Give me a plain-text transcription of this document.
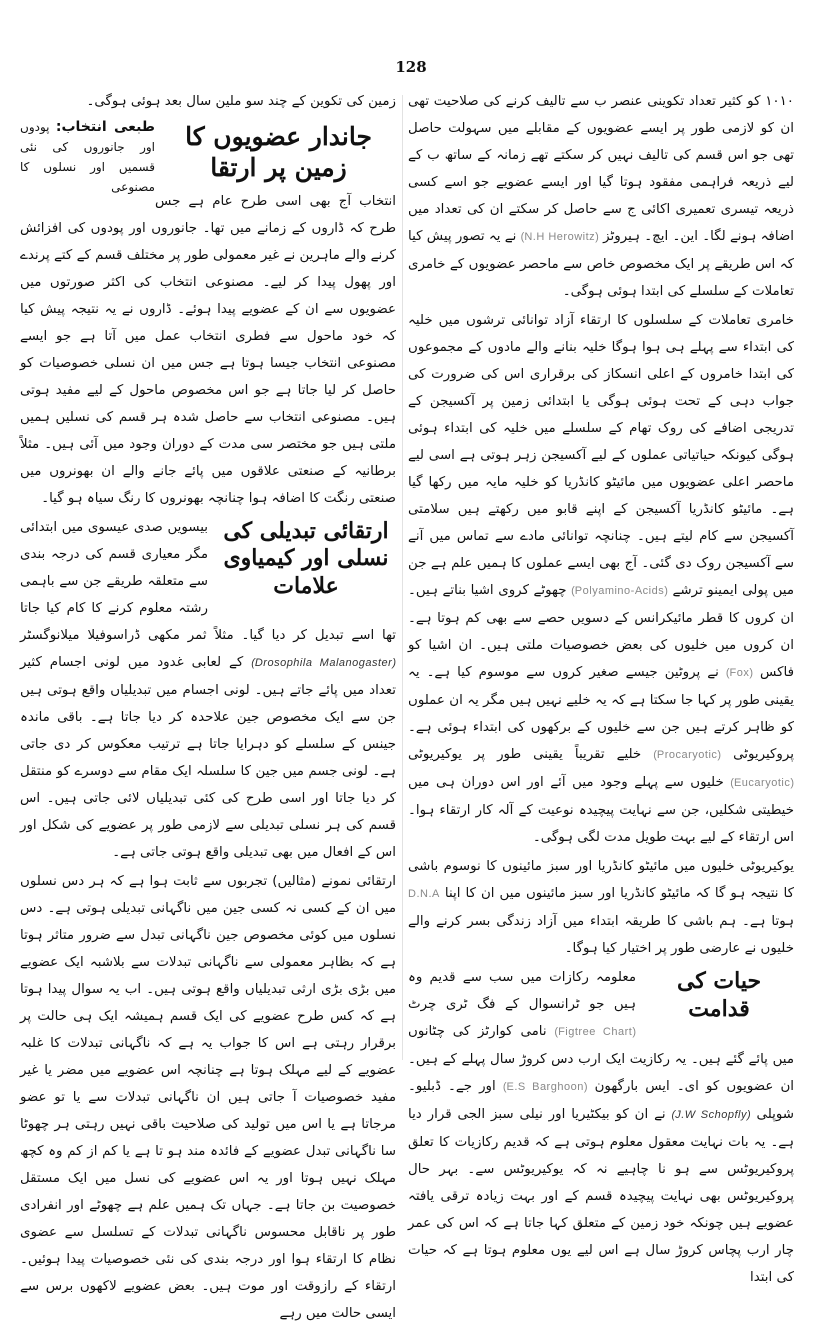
128

۱۰۱۰ کو کثیر تعداد تکوینی عنصر ب سے تالیف کرنے کی صلاحیت تھی ان کو لازمی طور پر ایسے عضویوں کے مقابلے میں سہولت حاصل تھی جو اس قسم کی تالیف نہیں کر سکتے تھے زمانہ کے ساتھ ب کے لیے ذریعہ فراہمی مفقود ہوتا گیا اور ایسے عضویے جو اسے کسی ذریعہ تیسری تعمیری اکائی ج سے حاصل کر سکتے ان کی تعداد میں اضافہ ہونے لگا۔ این۔ ایچ۔ ہیروٹز (N.H Herowitz) نے یہ تصور پیش کیا کہ اس طریقے پر ایک مخصوص خاص سے ماحصر عضویوں کے خامری تعاملات کے سلسلے کی ابتدا ہوئی ہوگی۔

خامری تعاملات کے سلسلوں کا ارتقاء آزاد توانائی ترشوں میں خلیہ کی ابتداء سے پہلے ہی ہوا ہوگا خلیہ بنانے والے مادوں کے مجموعوں کی ابتدا خامروں کے اعلی انسکاز کی برقراری اس کی ضرورت کی جواب دہی کے تحت ہوئی ہوگی یا ابتدائی زمین پر آکسیجن کے تدریجی اضافے کی روک تھام کے سلسلے میں خلیہ کی ابتداء ہوئی ہوگی کیونکہ حیاتیاتی عملوں کے لیے آکسیجن زہر ہوتی ہے اسی لیے ماحصر اعلی عضویوں میں مائیٹو کانڈریا کو خلیہ مایہ میں رکھا گیا ہے۔ مائیٹو کانڈریا آکسیجن کے اپنے قابو میں رکھتے ہیں سلامتی آکسیجن سے کام لیتے ہیں۔ چنانچہ توانائی مادے سے تماس میں آنے سے آکسیجن روک دی گئی۔ آج بھی ایسے عملوں کا ہمیں علم ہے جن میں پولی ایمینو ترشے (Polyamino-Acids) چھوٹے کروی اشیا بناتے ہیں۔ ان کروں کا قطر مائیکرانس کے دسویں حصے سے بھی کم ہوتا ہے۔ ان کروں میں خلیوں کی بعض خصوصیات ملتی ہیں۔ ان اشیا کو فاکس (Fox) نے پروٹین جیسے صغیر کروں سے موسوم کیا ہے۔ یہ یقینی طور پر کہا جا سکتا ہے کہ یہ خلیے نہیں ہیں مگر یہ ان عملوں کو ظاہر کرتے ہیں جن سے خلیوں کے برکھوں کی ابتداء ہوئی ہے۔ پروکیریوٹی (Procaryotic) خلیے تقریباً یقینی طور پر یوکیریوٹی (Eucaryotic) خلیوں سے پہلے وجود میں آئے اور اس دوران ہی میں خیطیتی شکلیں، جن سے نہایت پیچیدہ نوعیت کے آلہ کار ارتقاء ہوا۔ اس ارتقاء کے لیے بہت طویل مدت لگی ہوگی۔

یوکیریوٹی خلیوں میں مائیٹو کانڈریا اور سبز مائینوں کا نوسوم باشی کا نتیجہ ہو گا کہ مائیٹو کانڈریا اور سبز مائینوں میں ان کا اپنا D.N.A ہوتا ہے۔ ہم باشی کا طریقہ ابتداء میں آزاد زندگی بسر کرنے والے خلیوں نے عارضی طور پر اختیار کیا ہوگا۔

حیات کی قدامت
معلومہ رکازات میں سب سے قدیم وہ ہیں جو ٹرانسوال کے فگ ٹری چرٹ (Figtree Chart) نامی کوارٹز کی چٹانوں میں پائے گئے ہیں۔ یہ رکازیت ایک ارب دس کروڑ سال پہلے کے ہیں۔ ان عضویوں کو ای۔ ایس بارگھون (E.S Barghoon) اور جے۔ ڈبلیو۔ شوپلی (J.W Schopfly) نے ان کو بیکٹیریا اور نیلی سبز الجی قرار دیا ہے۔ یہ بات نہایت معقول معلوم ہوتی ہے کہ قدیم رکازیات کا تعلق پروکیریوٹس سے ہو نا چاہیے نہ کہ یوکیریوٹس سے۔ بہر حال پروکیریوٹس بھی نہایت پیچیدہ قسم کے اور بہت زیادہ ترقی یافتہ عضویے ہیں چونکہ خود زمین کے متعلق کہا جاتا ہے کہ اس کی عمر چار ارب پچاس کروڑ سال ہے اس لیے یوں معلوم ہوتا ہے کہ حیات کی ابتدا

زمین کی تکوین کے چند سو ملین سال بعد ہوئی ہوگی۔

جاندار عضویوں کا زمین پر ارتقا
طبعی انتخاب: پودوں اور جانوروں کی نئی قسمیں اور نسلوں کا مصنوعی

انتخاب آج بھی اسی طرح عام ہے جس طرح کہ ڈاروں کے زمانے میں تھا۔ جانوروں اور پودوں کی افزائش کرنے والے ماہرین نے غیر معمولی طور پر مختلف قسم کے کتے پرندے اور پھول پیدا کر لیے۔ مصنوعی انتخاب کی اکثر صورتوں میں عضویوں سے ان کے عضویے پیدا ہوئے۔ ڈاروں نے یہ نتیجہ پیش کیا کہ خود ماحول سے فطری انتخاب عمل میں آتا ہے جو ایسے مصنوعی انتخاب جیسا ہوتا ہے جس میں ان نسلی خصوصیات کو حاصل کر لیا جاتا ہے جو اس مخصوص ماحول کے لیے مفید ہوتی ہیں۔ مصنوعی انتخاب سے حاصل شدہ ہر قسم کی نسلیں ہمیں ملتی ہیں جو مختصر سی مدت کے دوران وجود میں آئی ہیں۔ مثلاً برطانیہ کے صنعتی علاقوں میں پائے جانے والے ان بھونروں میں صنعتی رنگت کا اضافہ ہوا چنانچہ بھونروں کا رنگ سیاہ ہو گیا۔

ارتقائی تبدیلی کی نسلی اور کیمیاوی علامات
بیسویں صدی عیسوی میں ابتدائی مگر معیاری قسم کی درجہ بندی سے متعلقہ طریقے جن سے باہمی رشتہ معلوم کرنے کا کام کیا جاتا تھا اسے تبدیل کر دیا گیا۔ مثلاً ثمر مکھی ڈراسوفیلا میلانوگسٹر (Drosophila Malanogaster) کے لعابی غدود میں لونی اجسام کثیر تعداد میں پائے جاتے ہیں۔ لونی اجسام میں تبدیلیاں واقع ہوتی ہیں جن سے ایک مخصوص جین علاحدہ کر دیا جاتا ہے۔ باقی ماندہ جینس کے سلسلے کو دہرایا جاتا ہے ترتیب معکوس کر دی جاتی ہے۔ لونی جسم میں جین کا سلسلہ ایک مقام سے دوسرے کو منتقل کر دیا جاتا اور اسی طرح کی کئی تبدیلیاں لائی جاتی ہیں۔ اس قسم کی ہر نسلی تبدیلی سے لازمی طور پر عضویے کی شکل اور اس کے افعال میں بھی تبدیلی واقع ہوتی جاتی ہے۔

ارتقائی نمونے (مثالیں) تجربوں سے ثابت ہوا ہے کہ ہر دس نسلوں میں ان کے کسی نہ کسی جین میں ناگہانی تبدیلی ہوتی ہے۔ دس نسلوں میں کوئی مخصوص جین ناگہانی تبدل سے ضرور متاثر ہوتا ہے کہ بظاہر معمولی سے ناگہانی تبدلات سے بلاشبہ ایک عضویے میں بڑی بڑی ارثی تبدیلیاں واقع ہوتی ہیں۔ اب یہ سوال پیدا ہوتا ہے کہ کس طرح عضویے کی ایک قسم ہمیشہ ایک ہی حالت پر برقرار رہتی ہے اس کا جواب یہ ہے کہ ناگہانی تبدلات کا غلبہ عضویے کے لیے مہلک ہوتا ہے چنانچہ اس عضویے میں مضر یا غیر مفید خصوصیات آ جاتی ہیں ان ناگہانی تبدلات سے یا تو عضو مرجاتا ہے یا اس میں تولید کی صلاحیت باقی نہیں رہتی ہر چھوٹا سا ناگہانی تبدل عضویے کے فائدہ مند ہو تا ہے یا کم از کم وہ کچھ مہلک نہیں ہوتا اور یہ اس عضویے کی نسل میں ایک مستقل خصوصیت بن جاتا ہے۔ جہاں تک ہمیں علم ہے چھوٹے اور انفرادی طور پر ناقابل محسوس ناگہانی تبدلات کے تسلسل سے عضوی نظام کا ارتقاء ہوا اور درجہ بندی کی نئی خصوصیات پیدا ہوئیں۔ ارتقاء کے رازوقت اور موت ہیں۔ بعض عضویے لاکھوں برس سے ایسی حالت میں رہے
